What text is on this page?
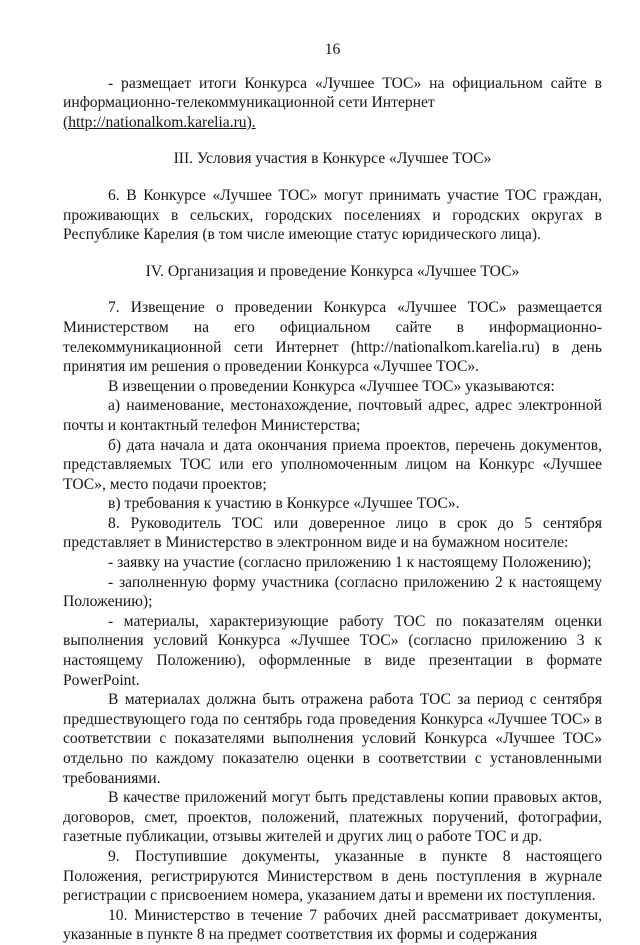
16

- размещает итоги Конкурса «Лучшее ТОС» на официальном сайте в информационно-телекоммуникационной сети Интернет

(http://nationalkom.karelia.ru).

III. Условия участия в Конкурсе «Лучшее ТОС»

6. В Конкурсе «Лучшее ТОС» могут принимать участие ТОС граждан, проживающих в сельских, городских поселениях и городских округах в Республике Карелия (в том числе имеющие статус юридического лица).

IV. Организация и проведение Конкурса «Лучшее ТОС»

7. Извещение о проведении Конкурса «Лучшее ТОС» размещается Министерством на его официальном сайте в информационно-телекоммуникационной сети Интернет (http://nationalkom.karelia.ru) в день принятия им решения о проведении Конкурса «Лучшее ТОС».

В извещении о проведении Конкурса «Лучшее ТОС» указываются:

а) наименование, местонахождение, почтовый адрес, адрес электронной почты и контактный телефон Министерства;

б) дата начала и дата окончания приема проектов, перечень документов, представляемых ТОС или его уполномоченным лицом на Конкурс «Лучшее ТОС», место подачи проектов;

в) требования к участию в Конкурсе «Лучшее ТОС».

8. Руководитель ТОС или доверенное лицо в срок до 5 сентября представляет в Министерство в электронном виде и на бумажном носителе:

- заявку на участие (согласно приложению 1 к настоящему Положению);

- заполненную форму участника (согласно приложению 2 к настоящему Положению);

- материалы, характеризующие работу ТОС по показателям оценки выполнения условий Конкурса «Лучшее ТОС» (согласно приложению 3 к настоящему Положению), оформленные в виде презентации в формате PowerPoint.

В материалах должна быть отражена работа ТОС за период с сентября предшествующего года по сентябрь года проведения Конкурса «Лучшее ТОС» в соответствии с показателями выполнения условий Конкурса «Лучшее ТОС» отдельно по каждому показателю оценки в соответствии с установленными требованиями.

В качестве приложений могут быть представлены копии правовых актов, договоров, смет, проектов, положений, платежных поручений, фотографии, газетные публикации, отзывы жителей и других лиц о работе ТОС и др.

9. Поступившие документы, указанные в пункте 8 настоящего Положения, регистрируются Министерством в день поступления в журнале регистрации с присвоением номера, указанием даты и времени их поступления.

10. Министерство в течение 7 рабочих дней рассматривает документы, указанные в пункте 8 на предмет соответствия их формы и содержания
